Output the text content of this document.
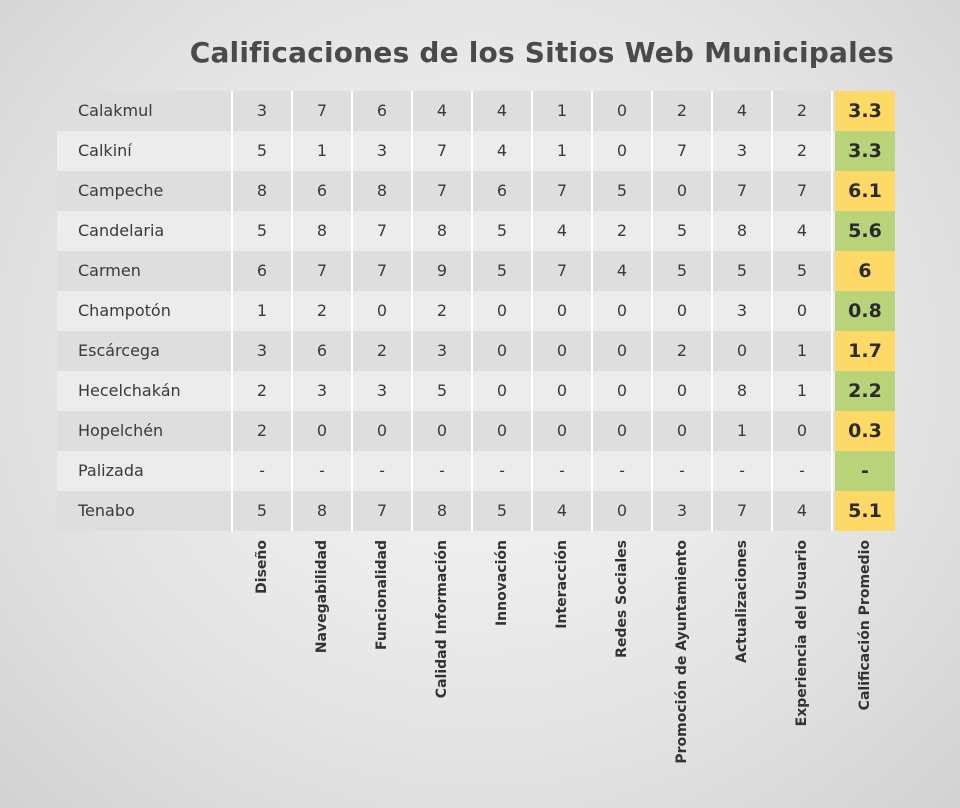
Calificaciones de los Sitios Web Municipales
Calakmul	3	7	6	4	4	1	0	2	4	2	3.3
Calkiní	5	1	3	7	4	1	0	7	3	2	3.3
Campeche	8	6	8	7	6	7	5	0	7	7	6.1
Candelaria	5	8	7	8	5	4	2	5	8	4	5.6
Carmen	6	7	7	9	5	7	4	5	5	5	6
Champotón	1	2	0	2	0	0	0	0	3	0	0.8
Escárcega	3	6	2	3	0	0	0	2	0	1	1.7
Hecelchakán	2	3	3	5	0	0	0	0	8	1	2.2
Hopelchén	2	0	0	0	0	0	0	0	1	0	0.3
Palizada	-	-	-	-	-	-	-	-	-	-	-
Tenabo	5	8	7	8	5	4	0	3	7	4	5.1
Diseño	Navegabilidad	Funcionalidad	Calidad Información	Innovación	Interacción	Redes Sociales	Promoción de Ayuntamiento	Actualizaciones	Experiencia del Usuario	Calificación Promedio
